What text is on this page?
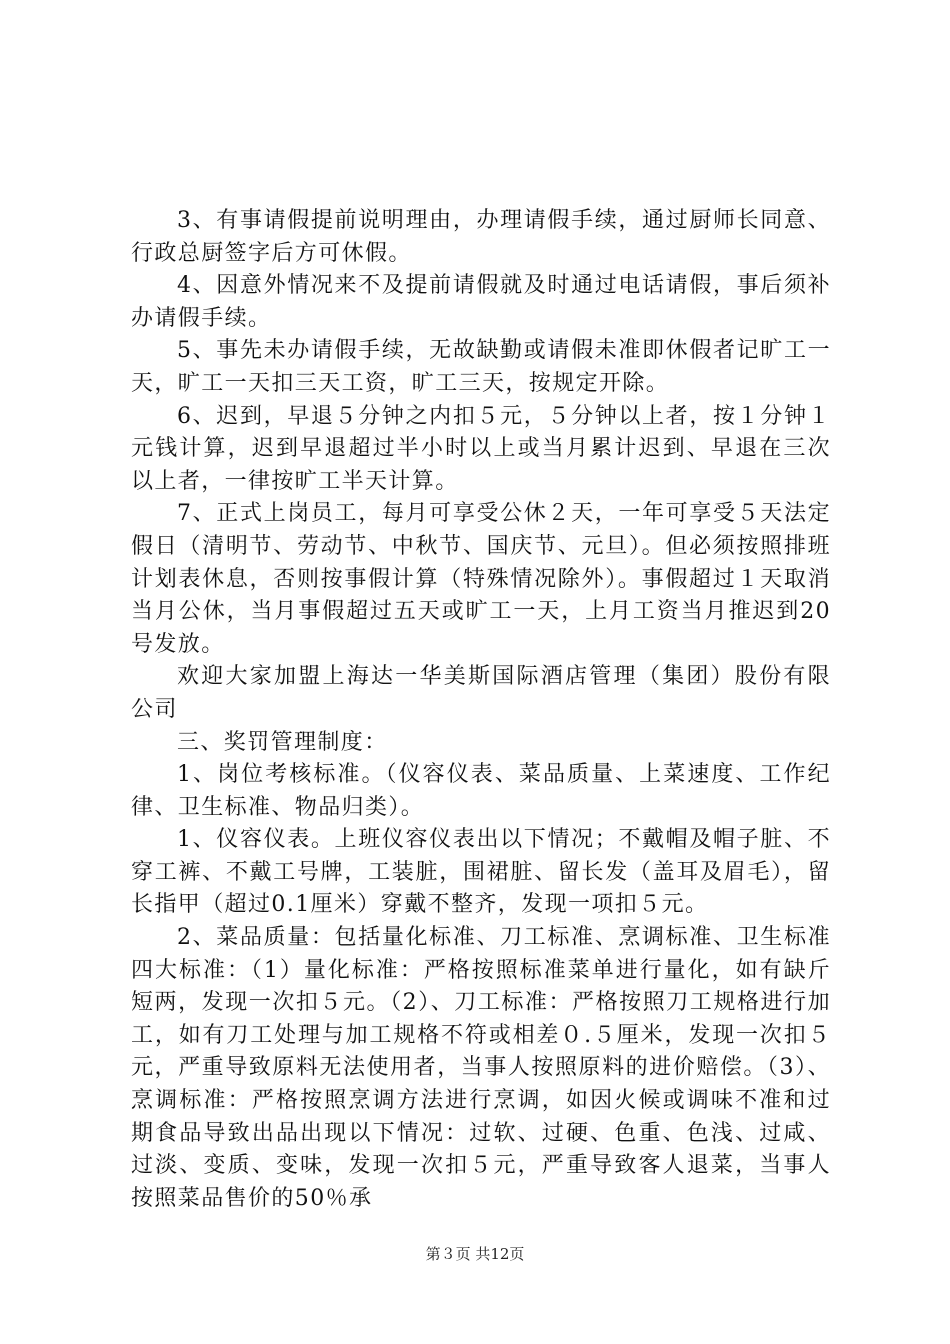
3、有事请假提前说明理由，办理请假手续，通过厨师长同意、行政总厨签字后方可休假。

4、因意外情况来不及提前请假就及时通过电话请假，事后须补办请假手续。

5、事先未办请假手续，无故缺勤或请假未准即休假者记旷工一天，旷工一天扣三天工资，旷工三天，按规定开除。

6、迟到，早退５分钟之内扣５元，５分钟以上者，按１分钟１元钱计算，迟到早退超过半小时以上或当月累计迟到、早退在三次以上者，一律按旷工半天计算。

7、正式上岗员工，每月可享受公休２天，一年可享受５天法定假日（清明节、劳动节、中秋节、国庆节、元旦）。但必须按照排班计划表休息，否则按事假计算（特殊情况除外）。事假超过１天取消当月公休，当月事假超过五天或旷工一天，上月工资当月推迟到20号发放。

欢迎大家加盟上海达一华美斯国际酒店管理（集团）股份有限公司

三、奖罚管理制度：

1、岗位考核标准。（仪容仪表、菜品质量、上菜速度、工作纪律、卫生标准、物品归类）。

1、仪容仪表。上班仪容仪表出以下情况；不戴帽及帽子脏、不穿工裤、不戴工号牌，工装脏，围裙脏、留长发（盖耳及眉毛），留长指甲（超过0.1厘米）穿戴不整齐，发现一项扣５元。

2、菜品质量：包括量化标准、刀工标准、烹调标准、卫生标准四大标准：（1）量化标准：严格按照标准菜单进行量化，如有缺斤短两，发现一次扣５元。（2）、刀工标准：严格按照刀工规格进行加工，如有刀工处理与加工规格不符或相差０.５厘米，发现一次扣５元，严重导致原料无法使用者，当事人按照原料的进价赔偿。（3）、烹调标准：严格按照烹调方法进行烹调，如因火候或调味不准和过期食品导致出品出现以下情况：过软、过硬、色重、色浅、过咸、过淡、变质、变味，发现一次扣５元，严重导致客人退菜，当事人按照菜品售价的50％承

第３页 共12页
